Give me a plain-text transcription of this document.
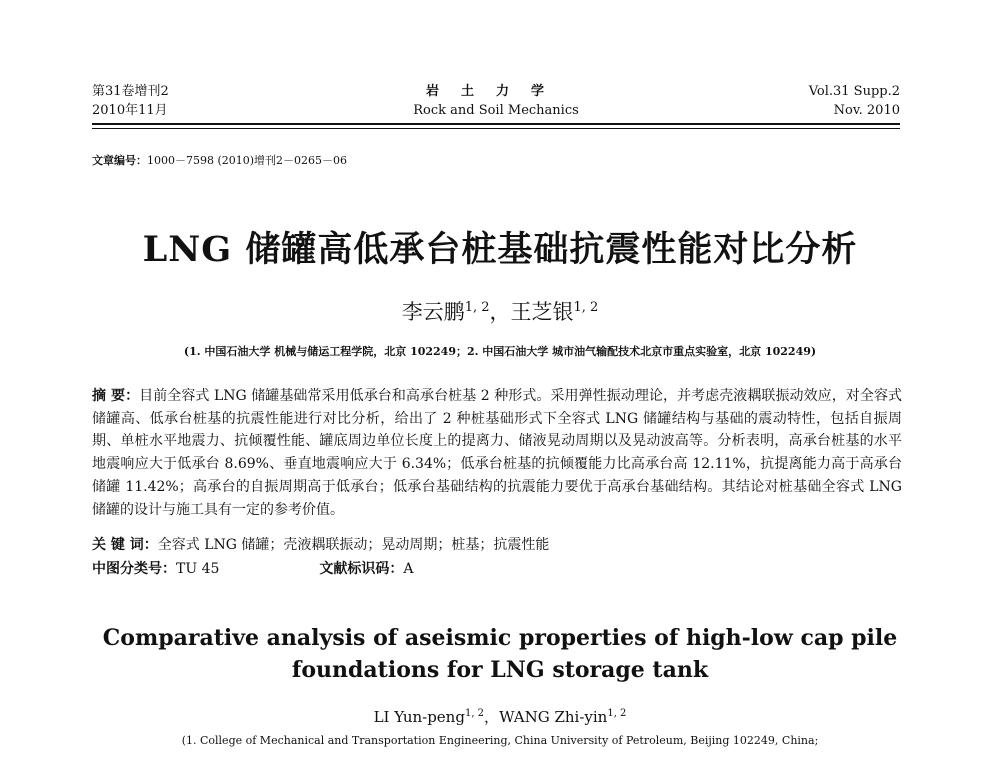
第31卷增刊2
2010年11月
岩土力学
Rock and Soil Mechanics
Vol.31 Supp.2
Nov. 2010
文章编号：1000－7598 (2010)增刊2－0265－06
LNG 储罐高低承台桩基础抗震性能对比分析
李云鹏$^{1, 2}$，王芝银$^{1, 2}$
(1. 中国石油大学 机械与储运工程学院，北京 102249；2. 中国石油大学 城市油气输配技术北京市重点实验室，北京 102249)
摘 要：目前全容式 LNG 储罐基础常采用低承台和高承台桩基 2 种形式。采用弹性振动理论，并考虑壳液耦联振动效应，对全容式储罐高、低承台桩基的抗震性能进行对比分析，给出了 2 种桩基础形式下全容式 LNG 储罐结构与基础的震动特性，包括自振周期、单桩水平地震力、抗倾覆性能、罐底周边单位长度上的提离力、储液晃动周期以及晃动波高等。分析表明，高承台桩基的水平地震响应大于低承台 8.69%、垂直地震响应大于 6.34%；低承台桩基的抗倾覆能力比高承台高 12.11%，抗提离能力高于高承台储罐 11.42%；高承台的自振周期高于低承台；低承台基础结构的抗震能力要优于高承台基础结构。其结论对桩基础全容式 LNG 储罐的设计与施工具有一定的参考价值。
关 键 词：全容式 LNG 储罐；壳液耦联振动；晃动周期；桩基；抗震性能
中图分类号：TU 45	文献标识码：A
Comparative analysis of aseismic properties of high-low cap pile foundations for LNG storage tank
LI Yun-peng$^{1, 2}$，WANG Zhi-yin$^{1, 2}$
(1. College of Mechanical and Transportation Engineering, China University of Petroleum, Beijing 102249, China;
